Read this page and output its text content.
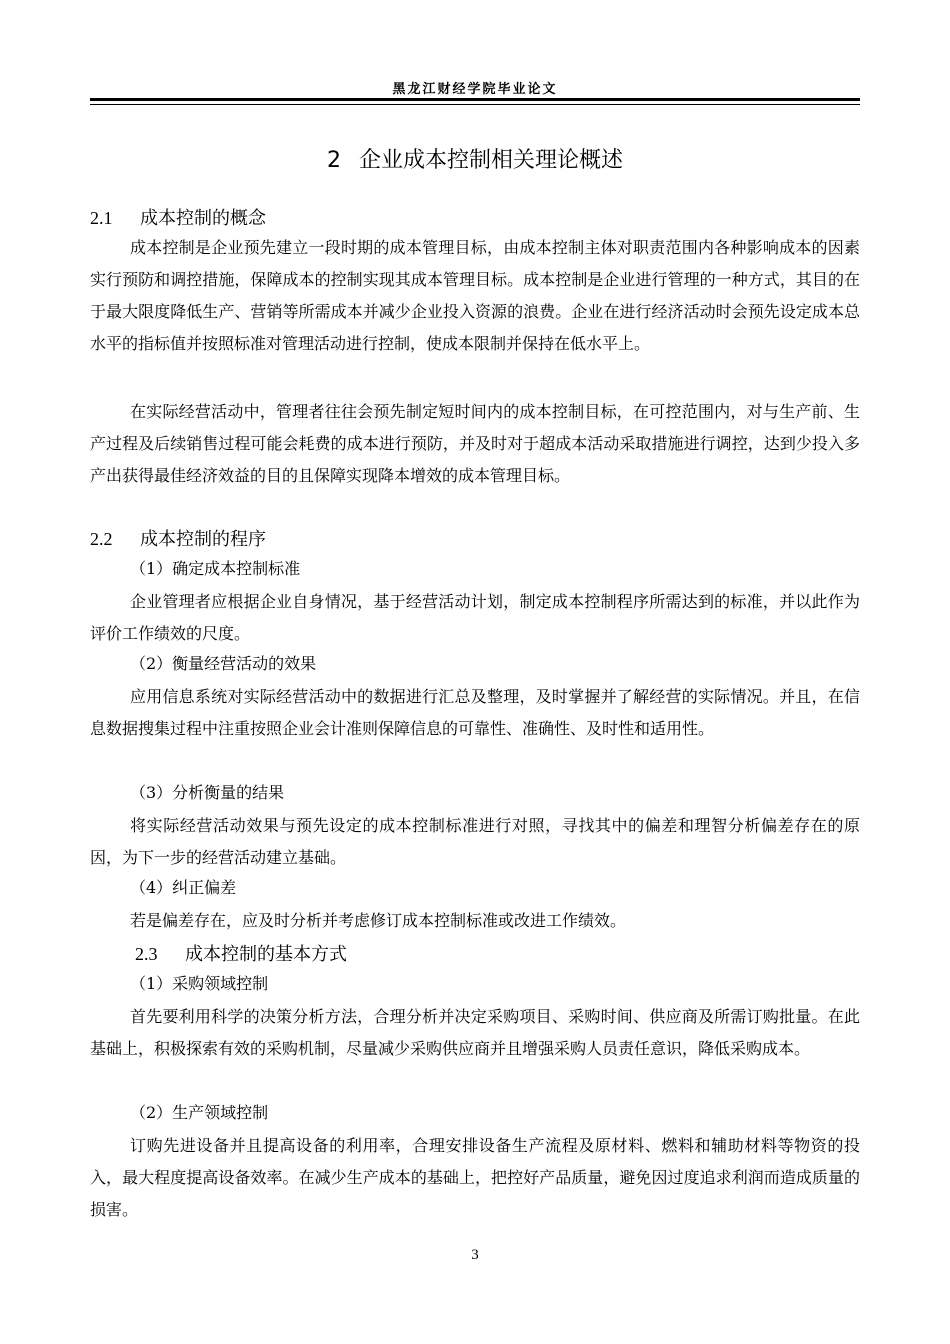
黑龙江财经学院毕业论文
2 企业成本控制相关理论概述
2.1 成本控制的概念

成本控制是企业预先建立一段时期的成本管理目标，由成本控制主体对职责范围内各种影响成本的因素实行预防和调控措施，保障成本的控制实现其成本管理目标。成本控制是企业进行管理的一种方式，其目的在于最大限度降低生产、营销等所需成本并减少企业投入资源的浪费。企业在进行经济活动时会预先设定成本总水平的指标值并按照标准对管理活动进行控制，使成本限制并保持在低水平上。

在实际经营活动中，管理者往往会预先制定短时间内的成本控制目标，在可控范围内，对与生产前、生产过程及后续销售过程可能会耗费的成本进行预防，并及时对于超成本活动采取措施进行调控，达到少投入多产出获得最佳经济效益的目的且保障实现降本增效的成本管理目标。

2.2 成本控制的程序
（1）确定成本控制标准

企业管理者应根据企业自身情况，基于经营活动计划，制定成本控制程序所需达到的标准，并以此作为评价工作绩效的尺度。

（2）衡量经营活动的效果

应用信息系统对实际经营活动中的数据进行汇总及整理，及时掌握并了解经营的实际情况。并且，在信息数据搜集过程中注重按照企业会计准则保障信息的可靠性、准确性、及时性和适用性。

（3）分析衡量的结果

将实际经营活动效果与预先设定的成本控制标准进行对照，寻找其中的偏差和理智分析偏差存在的原因，为下一步的经营活动建立基础。

（4）纠正偏差

若是偏差存在，应及时分析并考虑修订成本控制标准或改进工作绩效。

2.3 成本控制的基本方式
（1）采购领域控制

首先要利用科学的决策分析方法，合理分析并决定采购项目、采购时间、供应商及所需订购批量。在此基础上，积极探索有效的采购机制，尽量减少采购供应商并且增强采购人员责任意识，降低采购成本。

（2）生产领域控制

订购先进设备并且提高设备的利用率，合理安排设备生产流程及原材料、燃料和辅助材料等物资的投入，最大程度提高设备效率。在减少生产成本的基础上，把控好产品质量，避免因过度追求利润而造成质量的损害。

3
